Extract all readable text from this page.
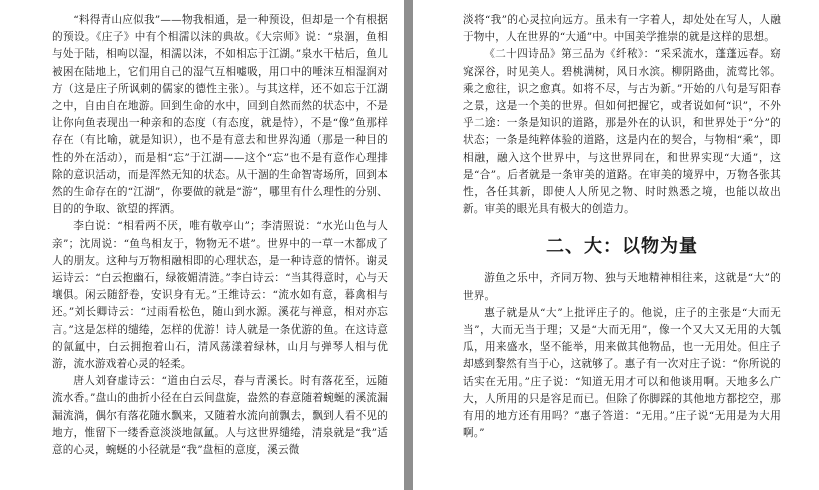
“料得青山应似我”——物我相通，是一种预设，但却是一个有根据的预设。《庄子》中有个相濡以沫的典故。《大宗师》说：“泉涸，鱼相与处于陆，相呴以湿，相濡以沫，不如相忘于江湖。”泉水干枯后，鱼儿被困在陆地上，它们用自己的湿气互相嘘吸，用口中的唾沫互相湿润对方（这是庄子所讽刺的儒家的德性主张）。与其这样，还不如忘于江湖之中，自由自在地游。回到生命的水中，回到自然而然的状态中，不是让你向鱼表现出一种亲和的态度（有态度，就是恃），不是“像”鱼那样存在（有比喻，就是知识），也不是有意去和世界沟通（那是一种目的性的外在活动），而是相“忘”于江湖——这个“忘”也不是有意作心理排除的意识活动，而是浑然无知的状态。从干涸的生命智寄场所，回到本然的生命存在的“江湖”，你要做的就是“游”，哪里有什么理性的分别、目的的争取、欲望的挥洒。

李白说：“相看两不厌，唯有敬亭山”；李清照说：“水光山色与人亲”；沈周说：“鱼鸟相友于，物物无不堪”。世界中的一草一木都成了人的朋友。这种与万物相融相即的心理状态，是一种诗意的情怀。谢灵运诗云：“白云抱幽石，绿筱媚清涟。”李白诗云：“当其得意时，心与天壤俱。闲云随舒卷，安识身有无。”王维诗云：“流水如有意，暮禽相与还。”刘长卿诗云：“过雨看松色，随山到水源。溪花与禅意，相对亦忘言。”这是怎样的缱绻，怎样的优游！诗人就是一条优游的鱼。在这诗意的氤氲中，白云拥抱着山石，清风荡漾着绿林，山月与弹琴人相与优游，流水游戏着心灵的轻柔。

唐人刘眘虚诗云：“道由白云尽，春与青溪长。时有落花至，远随流水香。”盘山的曲折小径在白云间盘旋，盎然的春意随着蜿蜒的溪流漏漏流淌，偶尔有落花随水飘来，又随着水流向前飘去，飘到人看不见的地方，惟留下一缕香意淡淡地氤氲。人与这世界缱绻，清泉就是“我”适意的心灵，蜿蜒的小径就是“我”盘桓的意度，溪云微

淡将“我”的心灵拉向远方。虽未有一字着人，却处处在写人，人融于物中，人在世界的“大通”中。中国美学推崇的就是这样的思想。

《二十四诗品》第三品为《纤秾》：“采采流水，蓬蓬远春。窈窕深谷，时见美人。碧桃满树，风日水滨。柳阴路曲，流莺比邻。乘之愈往，识之愈真。如将不尽，与古为新。”开始的八句是写阳春之景，这是一个美的世界。但如何把握它，或者说如何“识”，不外乎二途：一条是知识的道路，那是外在的认识，和世界处于“分”的状态；一条是纯粹体验的道路，这是内在的契合，与物相“乘”，即相融，融入这个世界中，与这世界同在，和世界实现“大通”，这是“合”。后者就是一条审美的道路。在审美的境界中，万物各张其性，各任其新，即使人人所见之物、时时熟悉之境，也能以故出新。审美的眼光具有极大的创造力。

二、大：以物为量

游鱼之乐中，齐同万物、独与天地精神相往来，这就是“大”的世界。

惠子就是从“大”上批评庄子的。他说，庄子的主张是“大而无当”，大而无当于理；又是“大而无用”，像一个又大又无用的大瓠瓜，用来盛水，坚不能举，用来做其他物品，也一无用处。但庄子却感到黎然有当于心，这就够了。惠子有一次对庄子说：“你所说的话实在无用。”庄子说：“知道无用才可以和他谈用啊。天地多么广大，人所用的只是容足而已。但除了你脚踩的其他地方都挖空，那有用的地方还有用吗？”惠子答道：“无用。”庄子说“无用是为大用啊。”
